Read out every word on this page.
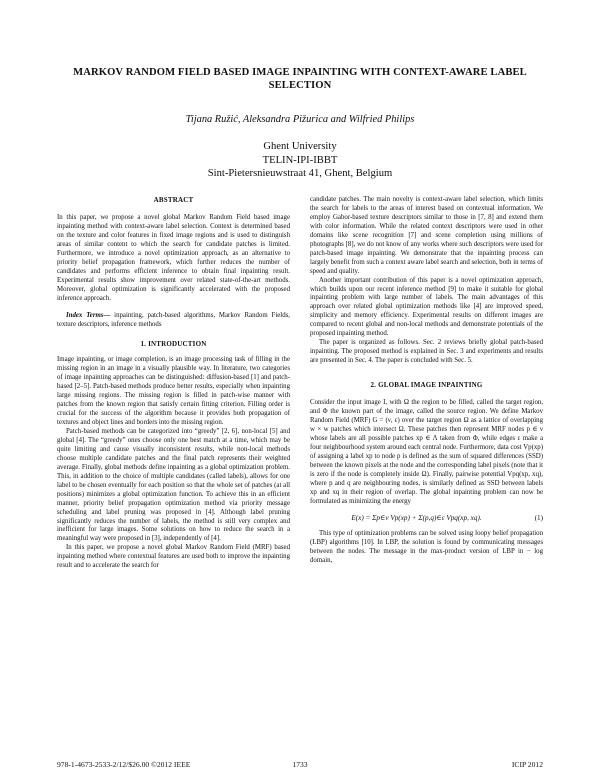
MARKOV RANDOM FIELD BASED IMAGE INPAINTING WITH CONTEXT-AWARE LABEL SELECTION
Tijana Ružić, Aleksandra Pižurica and Wilfried Philips
Ghent University
TELIN-IPI-IBBT
Sint-Pietersnieuwstraat 41, Ghent, Belgium
ABSTRACT

In this paper, we propose a novel global Markov Random Field based image inpainting method with context-aware label selection. Context is determined based on the texture and color features in fixed image regions and is used to distinguish areas of similar content to which the search for candidate patches is limited. Furthermore, we introduce a novel optimization approach, as an alternative to priority belief propagation framework, which further reduces the number of candidates and performs efficient inference to obtain final inpainting result. Experimental results show improvement over related state-of-the-art methods. Moreover, global optimization is significantly accelerated with the proposed inference approach.

Index Terms— inpainting, patch-based algorithms, Markov Random Fields, texture descriptors, inference methods

1. INTRODUCTION

Image inpainting, or image completion, is an image processing task of filling in the missing region in an image in a visually plausible way. In literature, two categories of image inpainting approaches can be distinguished: diffusion-based [1] and patch-based [2–5]. Patch-based methods produce better results, especially when inpainting large missing regions. The missing region is filled in patch-wise manner with patches from the known region that satisfy certain fitting criterion. Filling order is crucial for the success of the algorithm because it provides both propagation of textures and object lines and borders into the missing region.

Patch-based methods can be categorized into “greedy” [2, 6], non-local [5] and global [4]. The “greedy” ones choose only one best match at a time, which may be quite limiting and cause visually inconsistent results, while non-local methods choose multiple candidate patches and the final patch represents their weighted average. Finally, global methods define inpainting as a global optimization problem. This, in addition to the choice of multiple candidates (called labels), allows for one label to be chosen eventually for each position so that the whole set of patches (at all positions) minimizes a global optimization function. To achieve this in an efficient manner, priority belief propagation optimization method via priority message scheduling and label pruning was proposed in [4]. Although label pruning significantly reduces the number of labels, the method is still very complex and inefficient for large images. Some solutions on how to reduce the search in a meaningful way were proposed in [3], independently of [4].

In this paper, we propose a novel global Markov Random Field (MRF) based inpainting method where contextual features are used both to improve the inpainting result and to accelerate the search for

candidate patches. The main novelty is context-aware label selection, which limits the search for labels to the areas of interest based on contextual information. We employ Gabor-based texture descriptors similar to those in [7, 8] and extend them with color information. While the related context descriptors were used in other domains like scene recognition [7] and scene completion using millions of photographs [8], we do not know of any works where such descriptors were used for patch-based image inpainting. We demonstrate that the inpainting process can largely benefit from such a context aware label search and selection, both in terms of speed and quality.

Another important contribution of this paper is a novel optimization approach, which builds upon our recent inference method [9] to make it suitable for global inpainting problem with large number of labels. The main advantages of this approach over related global optimization methods like [4] are improved speed, simplicity and memory efficiency. Experimental results on different images are compared to recent global and non-local methods and demonstrate potentials of the proposed inpainting method.

The paper is organized as follows. Sec. 2 reviews briefly global patch-based inpainting. The proposed method is explained in Sec. 3 and experiments and results are presented in Sec. 4. The paper is concluded with Sec. 5.

2. GLOBAL IMAGE INPAINTING

Consider the input image I, with Ω the region to be filled, called the target region, and Φ the known part of the image, called the source region. We define Markov Random Field (MRF) G = (ν, ε) over the target region Ω as a lattice of overlapping w × w patches which intersect Ω. These patches then represent MRF nodes p ∈ ν whose labels are all possible patches xp ∈ Λ taken from Φ, while edges ε make a four neighbourhood system around each central node. Furthermore, data cost Vp(xp) of assigning a label xp to node p is defined as the sum of squared differences (SSD) between the known pixels at the node and the corresponding label pixels (note that it is zero if the node is completely inside Ω). Finally, pairwise potential Vpq(xp, xq), where p and q are neighbouring nodes, is similarly defined as SSD between labels xp and xq in their region of overlap. The global inpainting problem can now be formulated as minimizing the energy

E(x) = Σp∈ν Vp(xp) + Σ(p,q)∈ε Vpq(xp, xq).	(1)

This type of optimization problems can be solved using loopy belief propagation (LBP) algorithms [10]. In LBP, the solution is found by communicating messages between the nodes. The message in the max-product version of LBP in − log domain,

978-1-4673-2533-2/12/$26.00 ©2012 IEEE	1733	ICIP 2012
